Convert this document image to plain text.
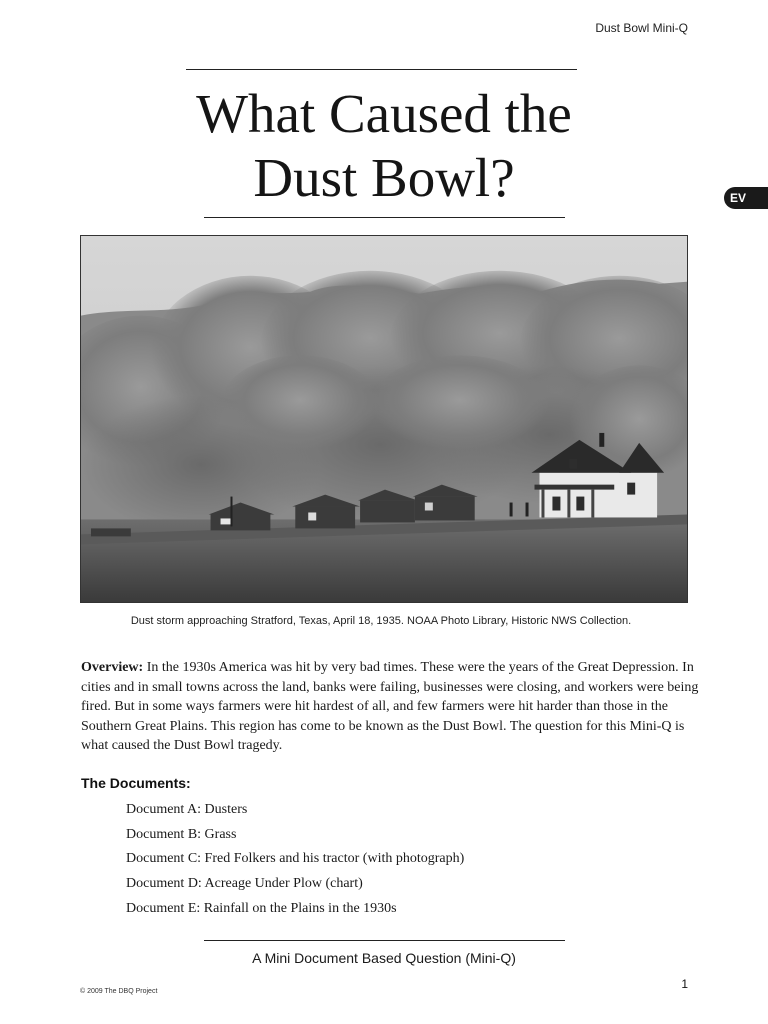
Dust Bowl Mini-Q
What Caused the
Dust Bowl?	EV
Dust storm approaching Stratford, Texas, April 18, 1935. NOAA Photo Library, Historic NWS Collection.

Overview: In the 1930s America was hit by very bad times. These were the years of the Great Depression. In cities and in small towns across the land, banks were failing, businesses were closing, and workers were being fired. But in some ways farmers were hit hardest of all, and few farmers were hit harder than those in the Southern Great Plains. This region has come to be known as the Dust Bowl. The question for this Mini-Q is what caused the Dust Bowl tragedy.

The Documents:
Document A: Dusters
Document B: Grass
Document C: Fred Folkers and his tractor (with photograph)
Document D: Acreage Under Plow (chart)
Document E: Rainfall on the Plains in the 1930s
A Mini Document Based Question (Mini-Q)
1
© 2009 The DBQ Project
